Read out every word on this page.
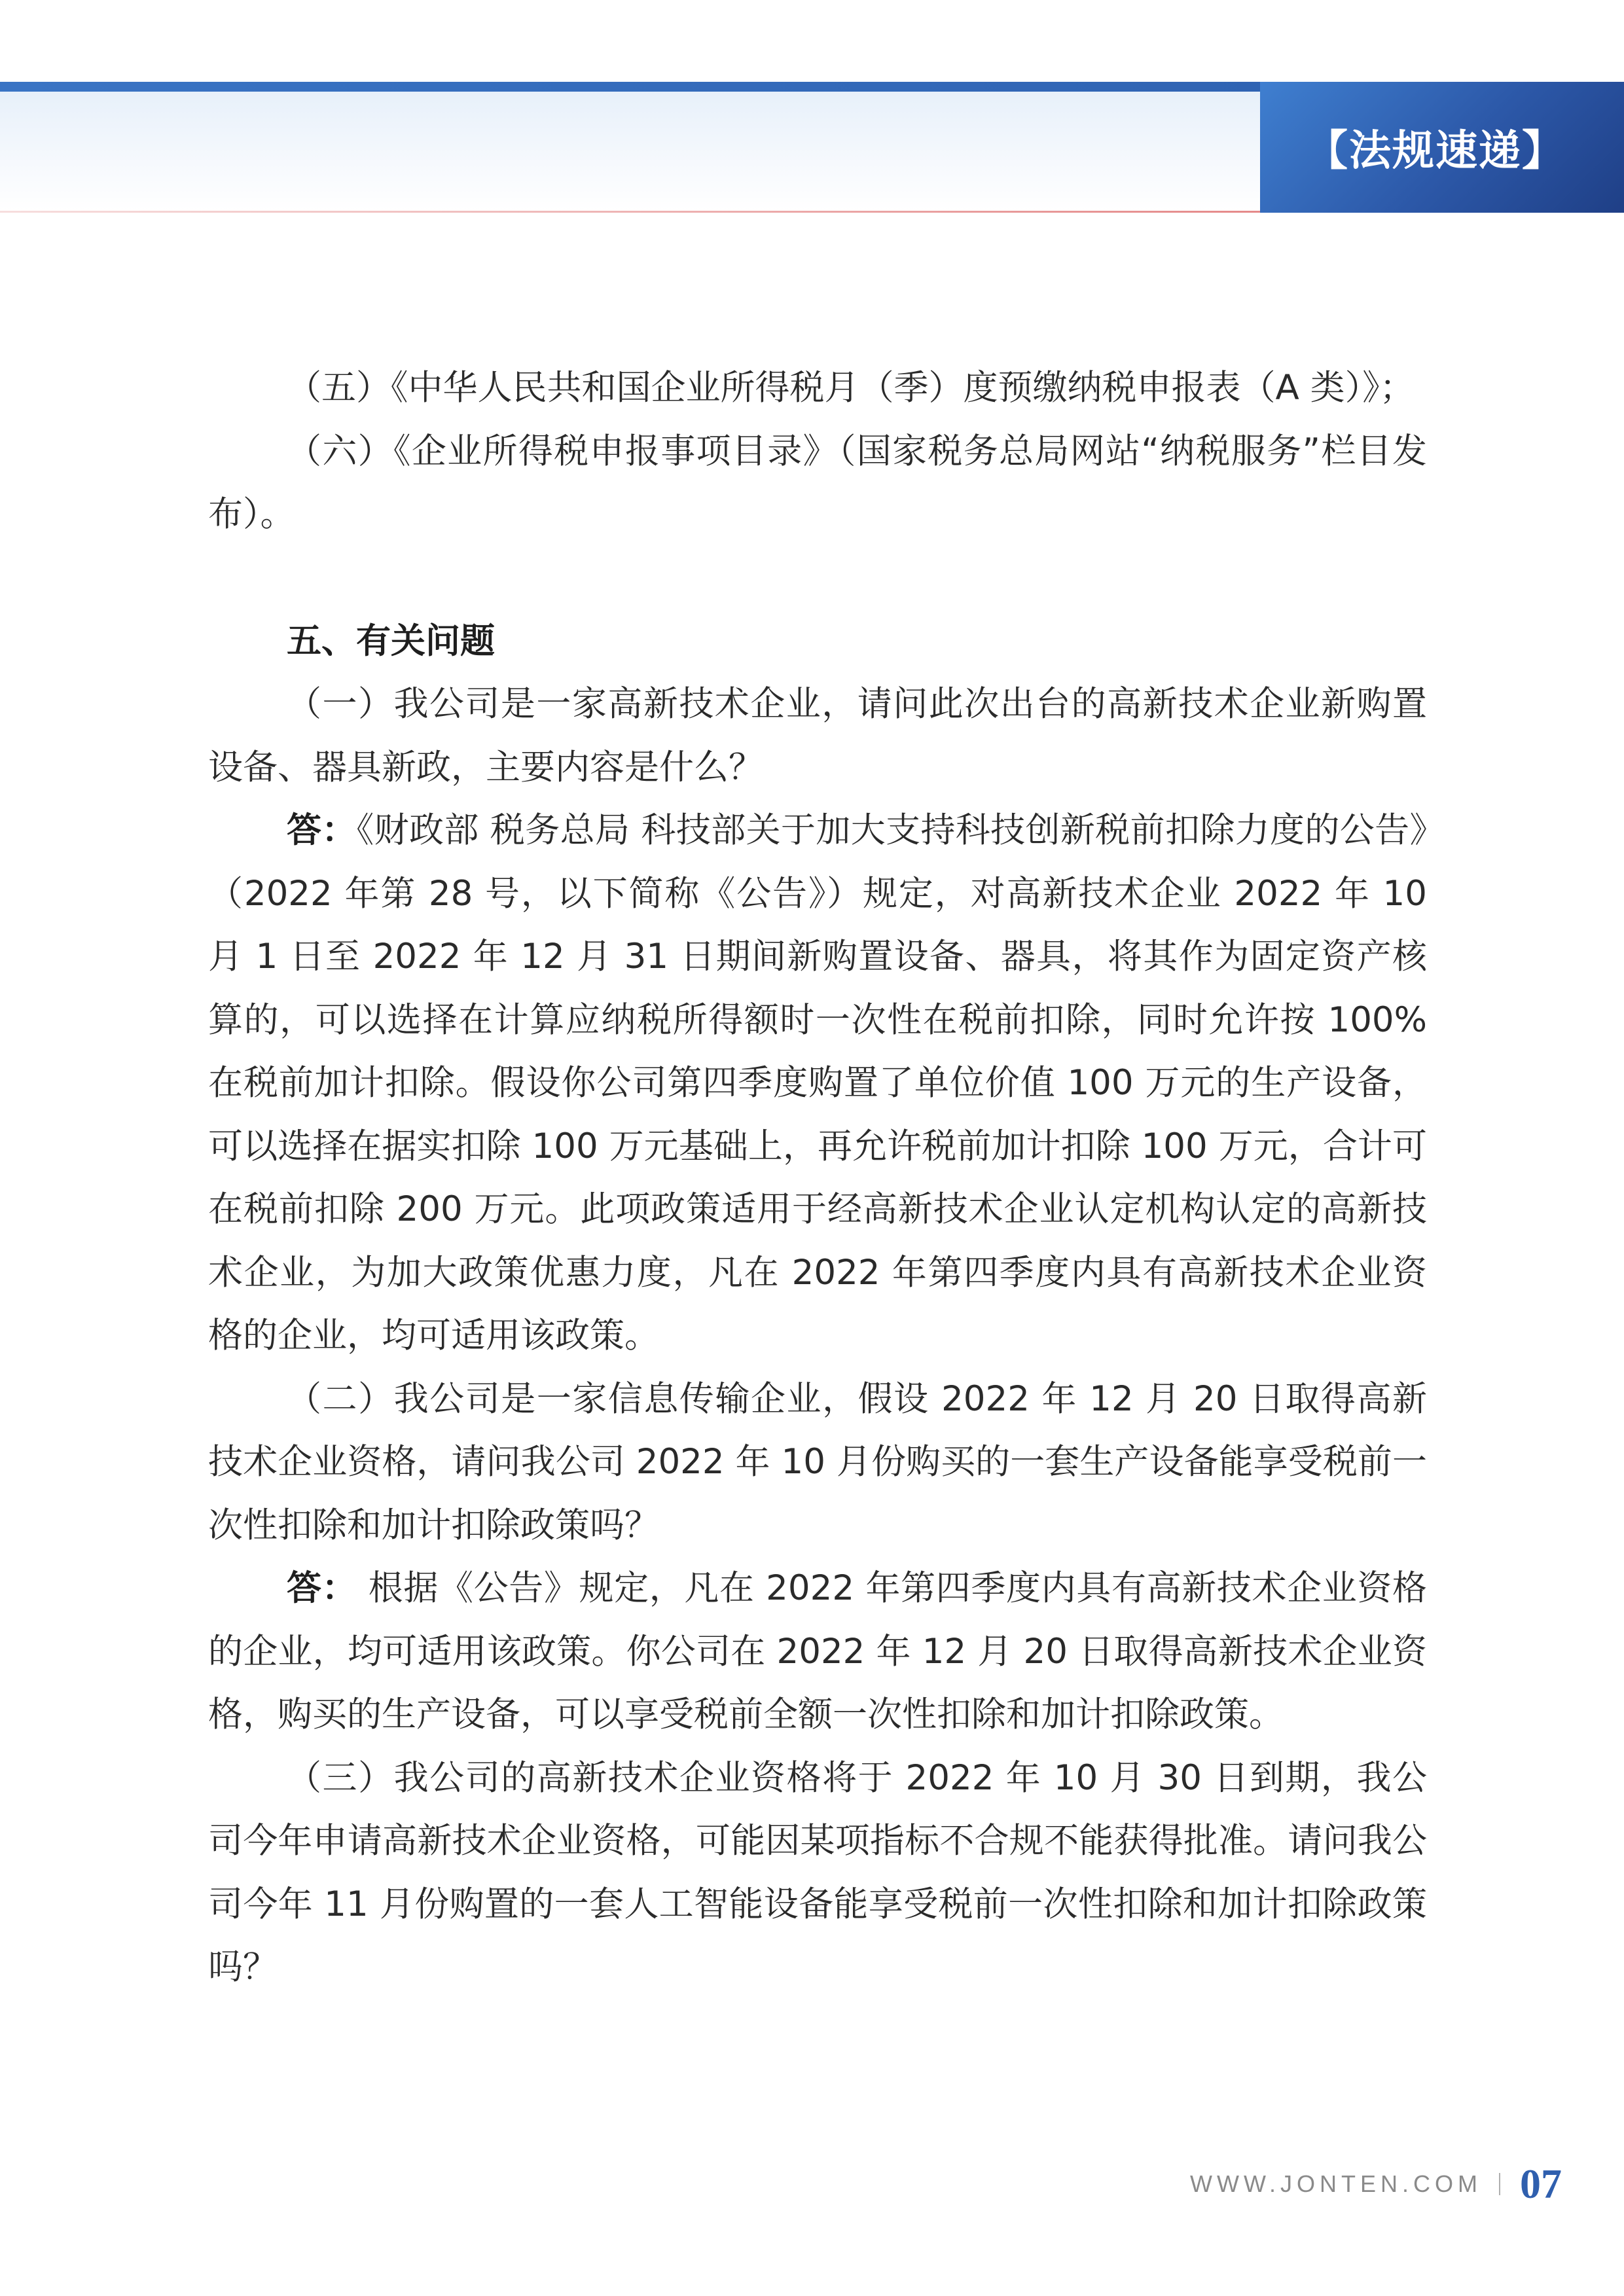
【法规速递】

（五）《中华人民共和国企业所得税月（季）度预缴纳税申报表（A 类）》；

（六）《企业所得税申报事项目录》（国家税务总局网站“纳税服务”栏目发布）。

五、有关问题

（一）我公司是一家高新技术企业，请问此次出台的高新技术企业新购置设备、器具新政，主要内容是什么？

答：《财政部 税务总局 科技部关于加大支持科技创新税前扣除力度的公告》（2022 年第 28 号，以下简称《公告》）规定，对高新技术企业 2022 年 10 月 1 日至 2022 年 12 月 31 日期间新购置设备、器具，将其作为固定资产核算的，可以选择在计算应纳税所得额时一次性在税前扣除，同时允许按 100% 在税前加计扣除。假设你公司第四季度购置了单位价值 100 万元的生产设备，可以选择在据实扣除 100 万元基础上，再允许税前加计扣除 100 万元，合计可在税前扣除 200 万元。此项政策适用于经高新技术企业认定机构认定的高新技术企业，为加大政策优惠力度，凡在 2022 年第四季度内具有高新技术企业资格的企业，均可适用该政策。

（二）我公司是一家信息传输企业，假设 2022 年 12 月 20 日取得高新技术企业资格，请问我公司 2022 年 10 月份购买的一套生产设备能享受税前一次性扣除和加计扣除政策吗？

答： 根据《公告》规定，凡在 2022 年第四季度内具有高新技术企业资格的企业，均可适用该政策。你公司在 2022 年 12 月 20 日取得高新技术企业资格，购买的生产设备，可以享受税前全额一次性扣除和加计扣除政策。

（三）我公司的高新技术企业资格将于 2022 年 10 月 30 日到期，我公司今年申请高新技术企业资格，可能因某项指标不合规不能获得批准。请问我公司今年 11 月份购置的一套人工智能设备能享受税前一次性扣除和加计扣除政策吗？

WWW.JONTEN.COM 07
